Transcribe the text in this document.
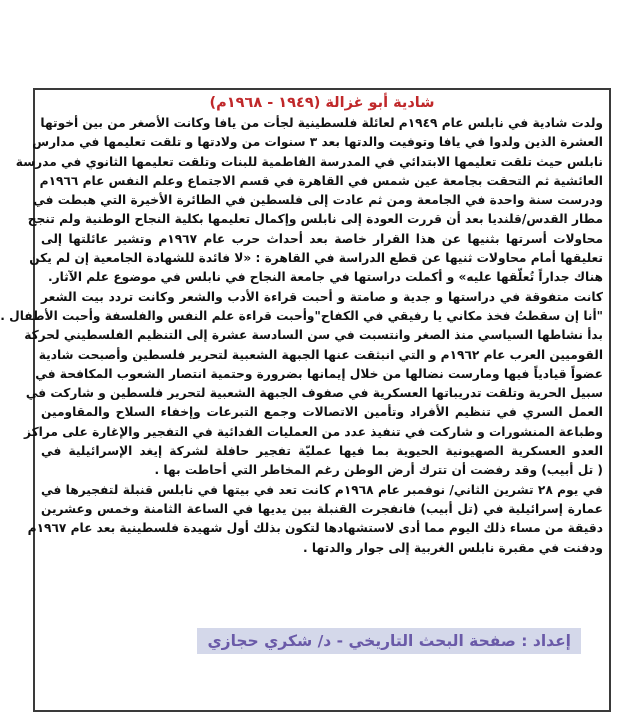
شادية أبو غزالة (١٩٤٩ - ١٩٦٨م)
ولدت شادية في نابلس عام ١٩٤٩م لعائلة فلسطينية لجأت من يافا وكانت الأصغر من بين أخوتها
العشرة الذين ولدوا في يافا وتوفيت والدتها بعد ٣ سنوات من ولادتها و تلقت تعليمها في مدارس
نابلس حيث تلقت تعليمها الابتدائي في المدرسة الفاطمية للبنات وتلقت تعليمها الثانوي في مدرسة
العائشية ثم التحقت بجامعة عين شمس في القاهرة في قسم الاجتماع وعلم النفس عام ١٩٦٦م
ودرست سنة واحدة في الجامعة ومن ثم عادت إلى فلسطين في الطائرة الأخيرة التي هبطت في
مطار القدس/قلنديا بعد أن قررت العودة إلى نابلس وإكمال تعليمها بكلية النجاح الوطنية ولم تنجح
محاولات أسرتها بثنيها عن هذا القرار خاصة بعد أحداث حرب عام ١٩٦٧م وتشير عائلتها إلى
تعليقها أمام محاولات ثنيها عن قطع الدراسة في القاهرة : «لا فائدة للشهادة الجامعية إن لم يكن
هناك جداراً تُعلّقها عليه» و أكملت دراستها في جامعة النجاح في نابلس في موضوع علم الآثار.
كانت متفوقة في دراستها و جدية و صامتة و أحبت قراءة الأدب والشعر وكانت تردد بيت الشعر
"أنا إن سقطتُ فخذ مكاني يا رفيقي في الكفاح"وأحبت قراءة علم النفس والفلسفة وأحبت الأطفال .
بدأ نشاطها السياسي منذ الصغر وانتسبت في سن السادسة عشرة إلى التنظيم الفلسطيني لحركة
القوميين العرب عام ١٩٦٢م و التي انبثقت عنها الجبهة الشعبية لتحرير فلسطين وأصبحت شادية
عضواً قيادياً فيها ومارست نضالها من خلال إيمانها بضرورة وحتمية انتصار الشعوب المكافحة في
سبيل الحرية وتلقت تدريباتها العسكرية في صفوف الجبهة الشعبية لتحرير فلسطين و شاركت في
العمل السري في تنظيم الأفراد وتأمين الاتصالات وجمع التبرعات وإخفاء السلاح والمقاومين
وطباعة المنشورات و شاركت في تنفيذ عدد من العمليات الفدائية في التفجير والإغارة على مراكز
العدو العسكرية الصهيونية الحيوية بما فيها عمليّة تفجير حافلة لشركة إيغد الإسرائيلية في
( تل أبيب) وقد رفضت أن تترك أرض الوطن رغم المخاطر التي أحاطت بها .
في يوم ٢٨ تشرين الثاني/ نوفمبر عام ١٩٦٨م كانت تعد في بيتها في نابلس قنبلة لتفجيرها في
عمارة إسرائيلية في (تل أبيب) فانفجرت القنبلة بين يديها في الساعة الثامنة وخمس وعشرين
دقيقة من مساء ذلك اليوم مما أدى لاستشهادها لتكون بذلك أول شهيدة فلسطينية بعد عام ١٩٦٧م
ودفنت في مقبرة نابلس الغربية إلى جوار والدتها .
إعداد : صفحة البحث التاريخي - د/ شكري حجازي
